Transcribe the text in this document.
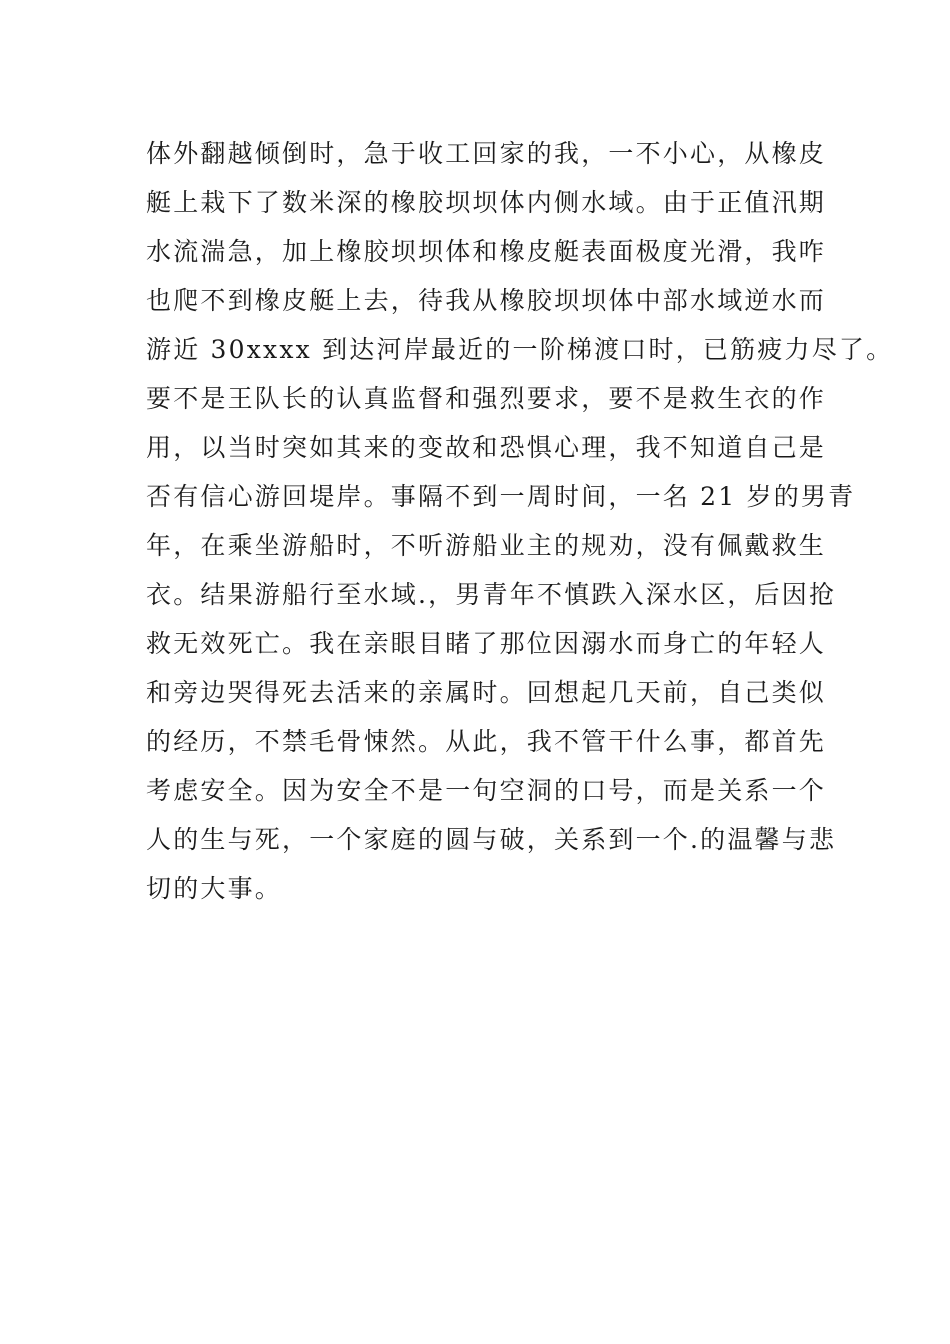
体外翻越倾倒时，急于收工回家的我，一不小心，从橡皮
艇上栽下了数米深的橡胶坝坝体内侧水域。由于正值汛期
水流湍急，加上橡胶坝坝体和橡皮艇表面极度光滑，我咋
也爬不到橡皮艇上去，待我从橡胶坝坝体中部水域逆水而
游近 30xxxx 到达河岸最近的一阶梯渡口时，已筋疲力尽了。
要不是王队长的认真监督和强烈要求，要不是救生衣的作
用，以当时突如其来的变故和恐惧心理，我不知道自己是
否有信心游回堤岸。事隔不到一周时间，一名 21 岁的男青
年，在乘坐游船时，不听游船业主的规劝，没有佩戴救生
衣。结果游船行至水域.，男青年不慎跌入深水区，后因抢
救无效死亡。我在亲眼目睹了那位因溺水而身亡的年轻人
和旁边哭得死去活来的亲属时。回想起几天前，自己类似
的经历，不禁毛骨悚然。从此，我不管干什么事，都首先
考虑安全。因为安全不是一句空洞的口号，而是关系一个
人的生与死，一个家庭的圆与破，关系到一个.的温馨与悲
切的大事。
